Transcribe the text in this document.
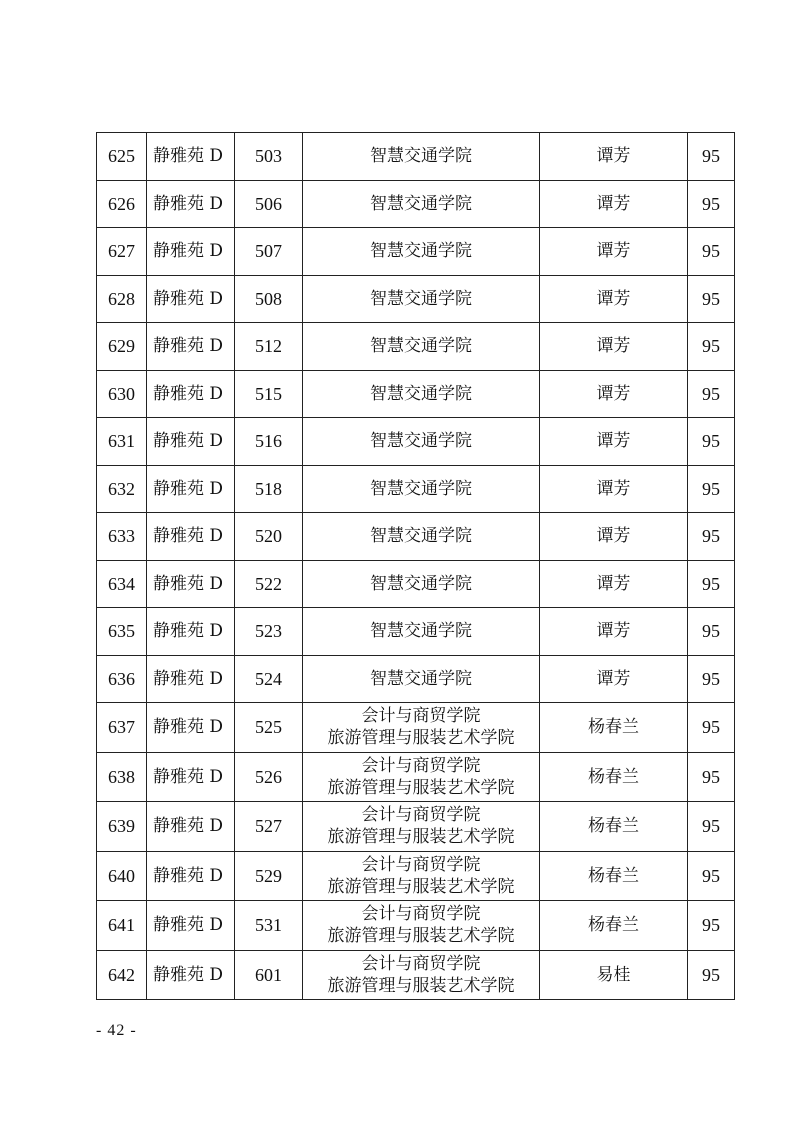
625	静雅苑 D	503	智慧交通学院	谭芳	95
626	静雅苑 D	506	智慧交通学院	谭芳	95
627	静雅苑 D	507	智慧交通学院	谭芳	95
628	静雅苑 D	508	智慧交通学院	谭芳	95
629	静雅苑 D	512	智慧交通学院	谭芳	95
630	静雅苑 D	515	智慧交通学院	谭芳	95
631	静雅苑 D	516	智慧交通学院	谭芳	95
632	静雅苑 D	518	智慧交通学院	谭芳	95
633	静雅苑 D	520	智慧交通学院	谭芳	95
634	静雅苑 D	522	智慧交通学院	谭芳	95
635	静雅苑 D	523	智慧交通学院	谭芳	95
636	静雅苑 D	524	智慧交通学院	谭芳	95
637	静雅苑 D	525	会计与商贸学院
旅游管理与服装艺术学院	杨春兰	95
638	静雅苑 D	526	会计与商贸学院
旅游管理与服装艺术学院	杨春兰	95
639	静雅苑 D	527	会计与商贸学院
旅游管理与服装艺术学院	杨春兰	95
640	静雅苑 D	529	会计与商贸学院
旅游管理与服装艺术学院	杨春兰	95
641	静雅苑 D	531	会计与商贸学院
旅游管理与服装艺术学院	杨春兰	95
642	静雅苑 D	601	会计与商贸学院
旅游管理与服装艺术学院	易桂	95
- 42 -
